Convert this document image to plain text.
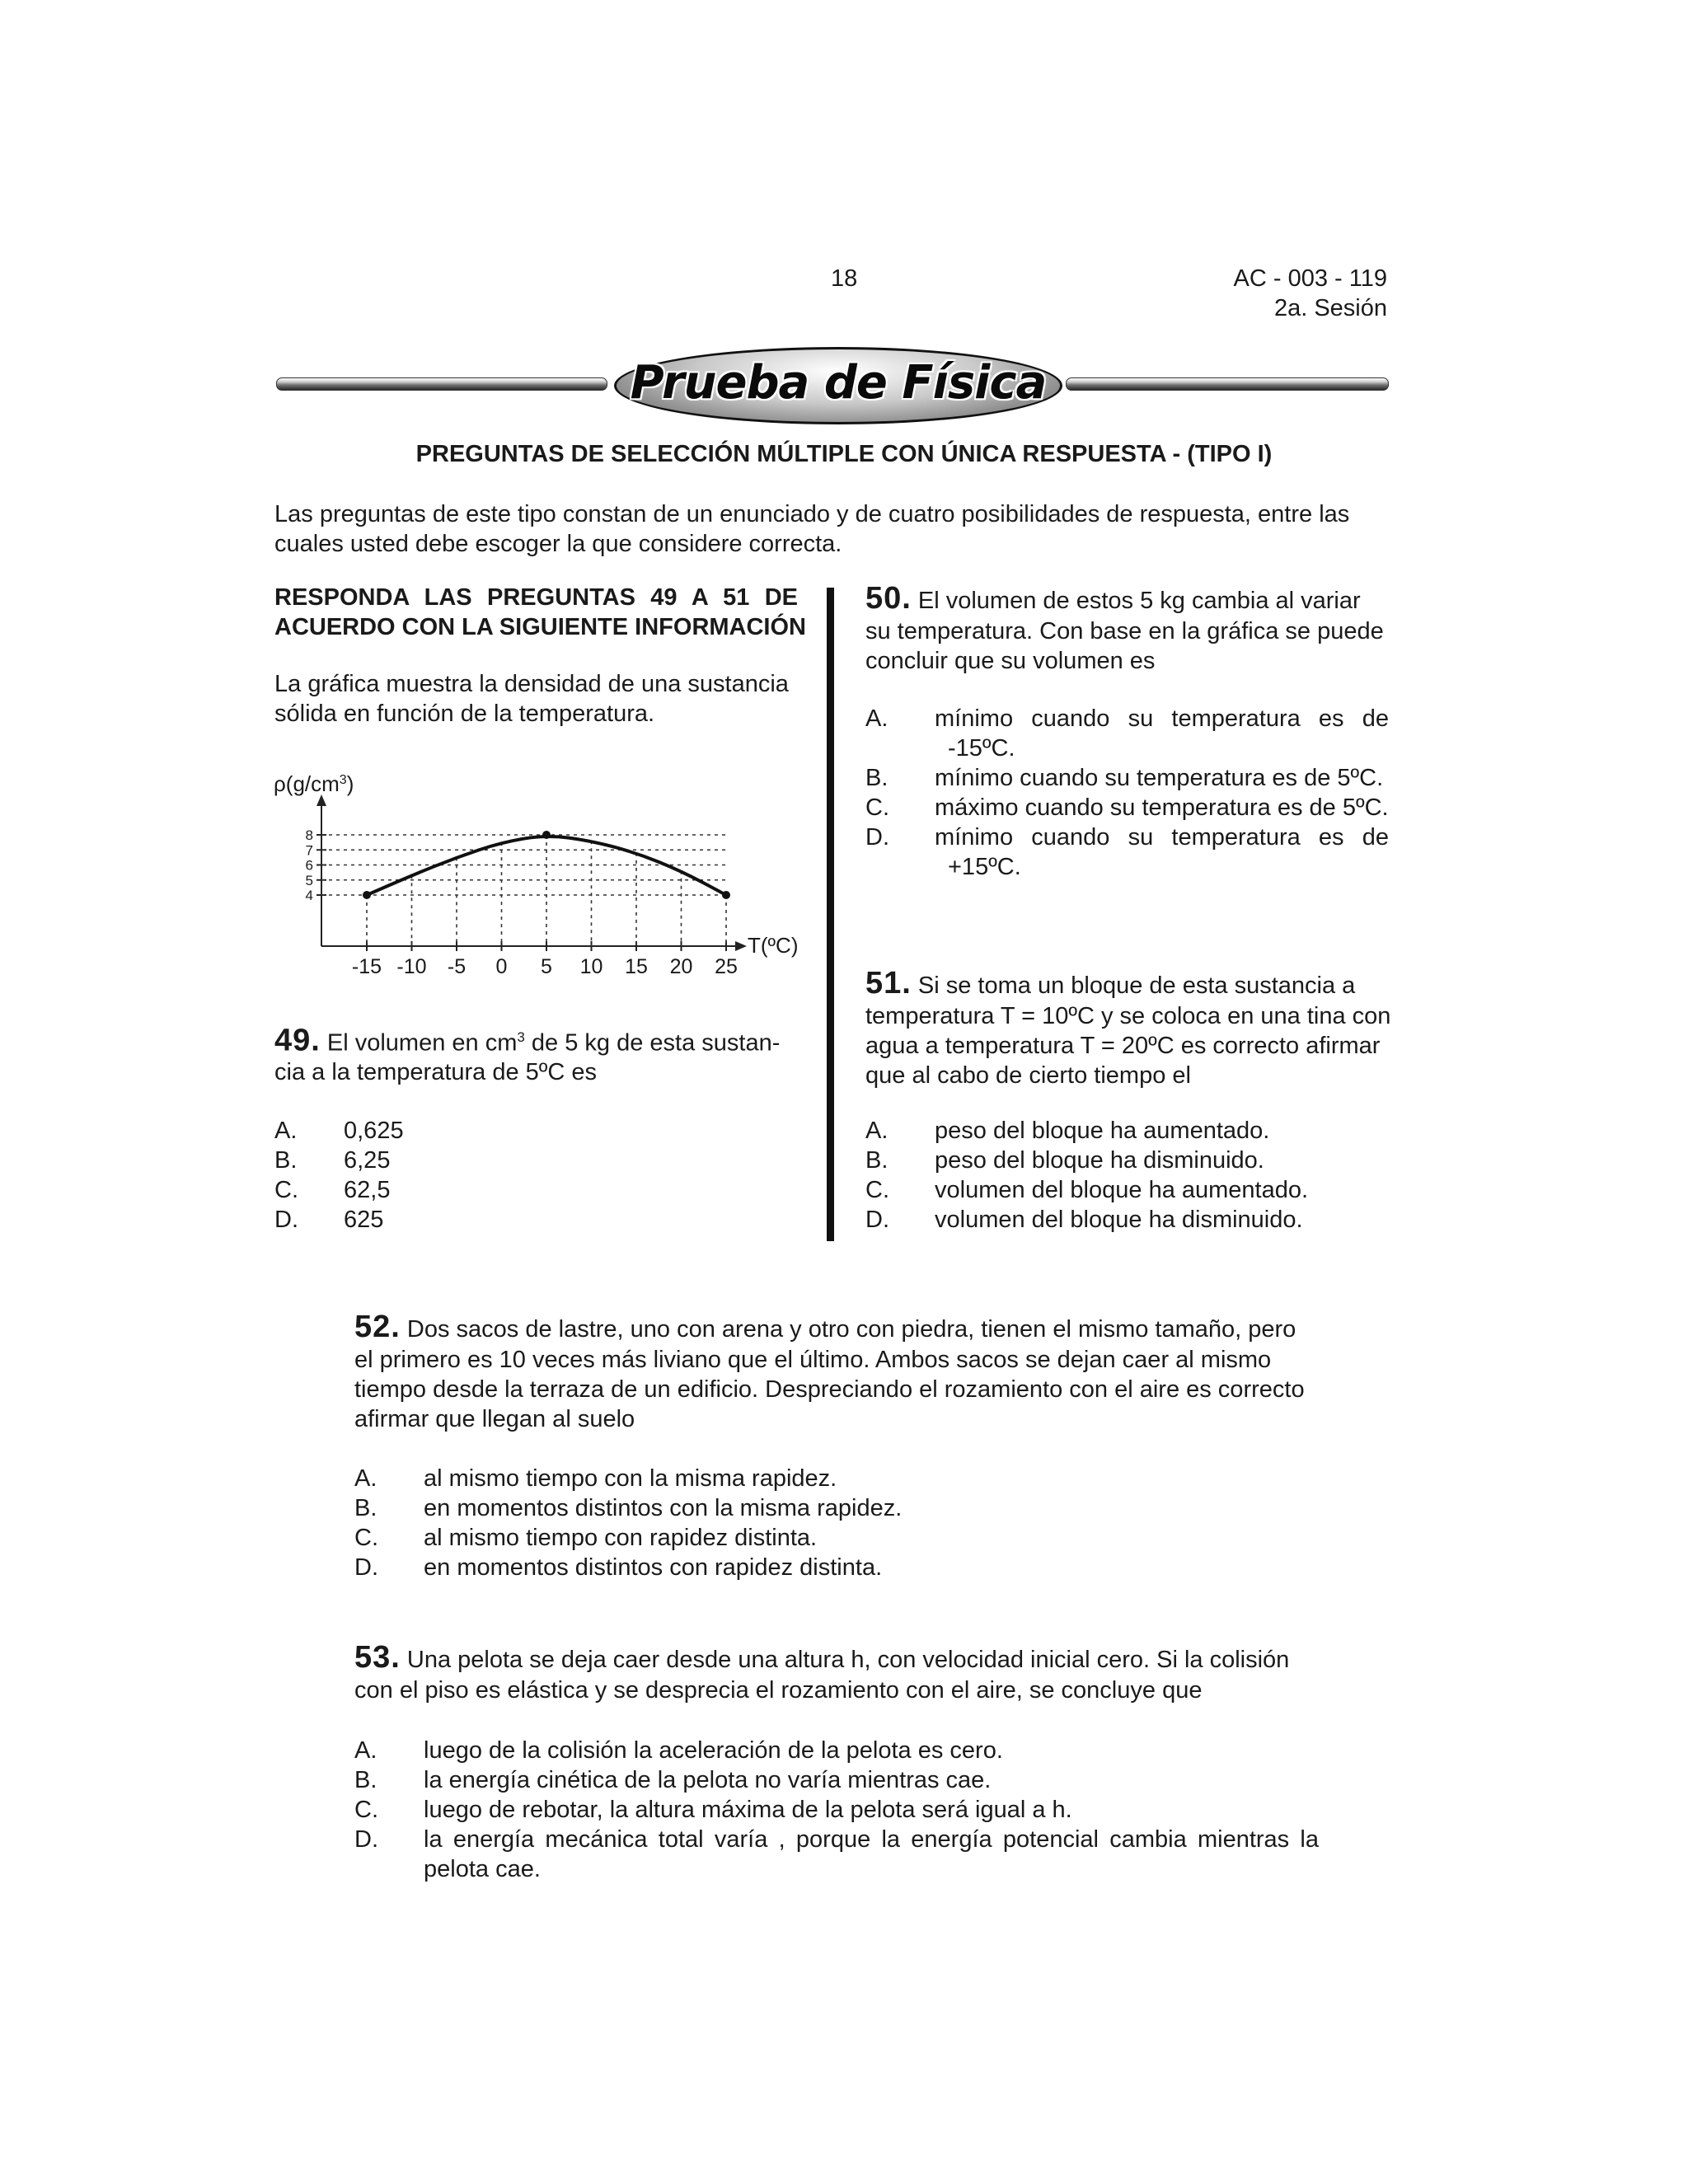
18	AC - 003 - 119
2a. Sesión
Prueba de Física
PREGUNTAS DE SELECCIÓN MÚLTIPLE CON ÚNICA RESPUESTA - (TIPO I)
Las preguntas de este tipo constan de un enunciado y de cuatro posibilidades de respuesta, entre las
cuales usted debe escoger la que considere correcta.
RESPONDA LAS PREGUNTAS 49 A 51 DE
ACUERDO CON LA SIGUIENTE INFORMACIÓN
La gráfica muestra la densidad de una sustancia
sólida en función de la temperatura.
$\rho(g/cm^3)$
T(ºC)
-15 -10 -5 0 5 10 15 20 25
8
7
6
5
4
49. El volumen en $cm^3$ de 5 kg de esta sustan-
cia a la temperatura de 5ºC es
A. 0,625
B. 6,25
C. 62,5
D. 625
50. El volumen de estos 5 kg cambia al variar
su temperatura. Con base en la gráfica se puede
concluir que su volumen es
A. mínimo cuando su temperatura es de
-15ºC.
B. mínimo cuando su temperatura es de 5ºC.
C. máximo cuando su temperatura es de 5ºC.
D. mínimo cuando su temperatura es de
+15ºC.
51. Si se toma un bloque de esta sustancia a
temperatura T = 10ºC y se coloca en una tina con
agua a temperatura T = 20ºC es correcto afirmar
que al cabo de cierto tiempo el
A. peso del bloque ha aumentado.
B. peso del bloque ha disminuido.
C. volumen del bloque ha aumentado.
D. volumen del bloque ha disminuido.
52. Dos sacos de lastre, uno con arena y otro con piedra, tienen el mismo tamaño, pero
el primero es 10 veces más liviano que el último. Ambos sacos se dejan caer al mismo
tiempo desde la terraza de un edificio. Despreciando el rozamiento con el aire es correcto
afirmar que llegan al suelo
A. al mismo tiempo con la misma rapidez.
B. en momentos distintos con la misma rapidez.
C. al mismo tiempo con rapidez distinta.
D. en momentos distintos con rapidez distinta.
53. Una pelota se deja caer desde una altura h, con velocidad inicial cero. Si la colisión
con el piso es elástica y se desprecia el rozamiento con el aire, se concluye que
A. luego de la colisión la aceleración de la pelota es cero.
B. la energía cinética de la pelota no varía mientras cae.
C. luego de rebotar, la altura máxima de la pelota será igual a h.
D. la energía mecánica total varía , porque la energía potencial cambia mientras la
pelota cae.
